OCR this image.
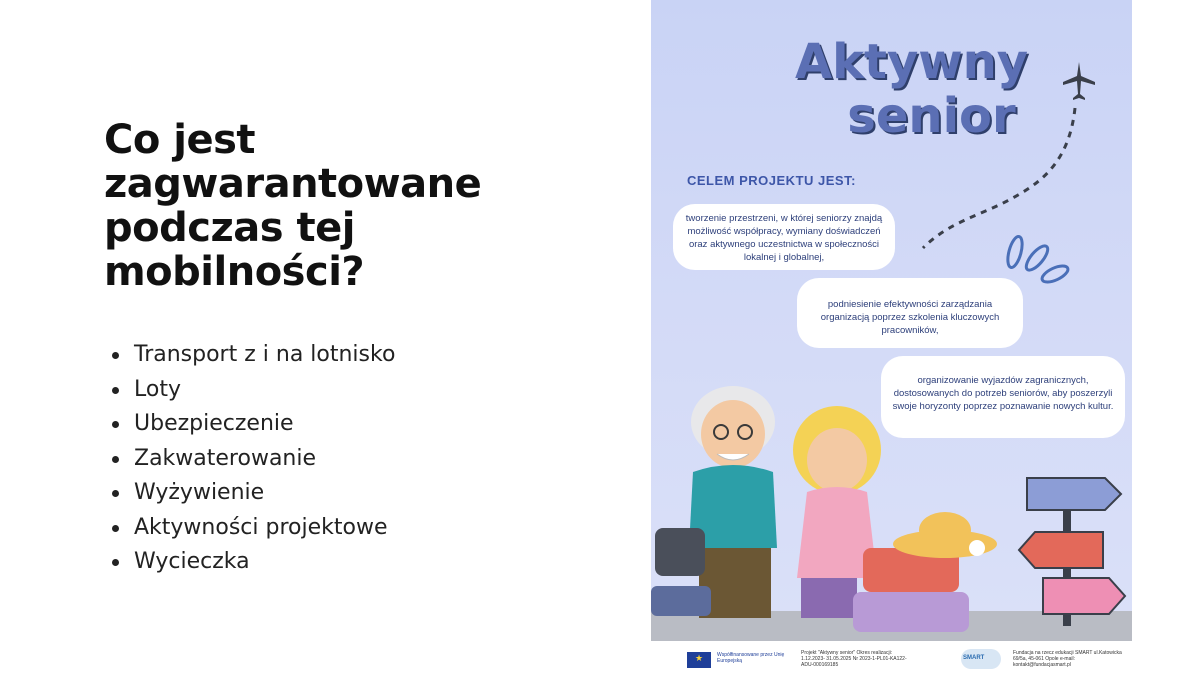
Co jest
zagwarantowane
podczas tej
mobilności?
Transport z i na lotnisko
Loty
Ubezpieczenie
Zakwaterowanie
Wyżywienie
Aktywności projektowe
Wycieczka
Aktywny
senior
CELEM PROJEKTU JEST:
tworzenie przestrzeni, w której seniorzy znajdą możliwość współpracy, wymiany doświadczeń oraz aktywnego uczestnictwa w społeczności lokalnej i globalnej,
podniesienie efektywności zarządzania organizacją poprzez szkolenia kluczowych pracowników,
organizowanie wyjazdów zagranicznych, dostosowanych do potrzeb seniorów, aby poszerzyli swoje horyzonty poprzez poznawanie nowych kultur.
★	Współfinansowane przez Unię Europejską
Projekt "Aktywny senior" Okres realizacji: 1.12.2023- 31.05.2025 Nr 2023-1-PL01-KA122-ADU-000169185
SMART
Fundacja na rzecz edukacji SMART ul.Katowicka 69/5a, 45-061 Opole e-mail: kontakt@fundacjasmart.pl
